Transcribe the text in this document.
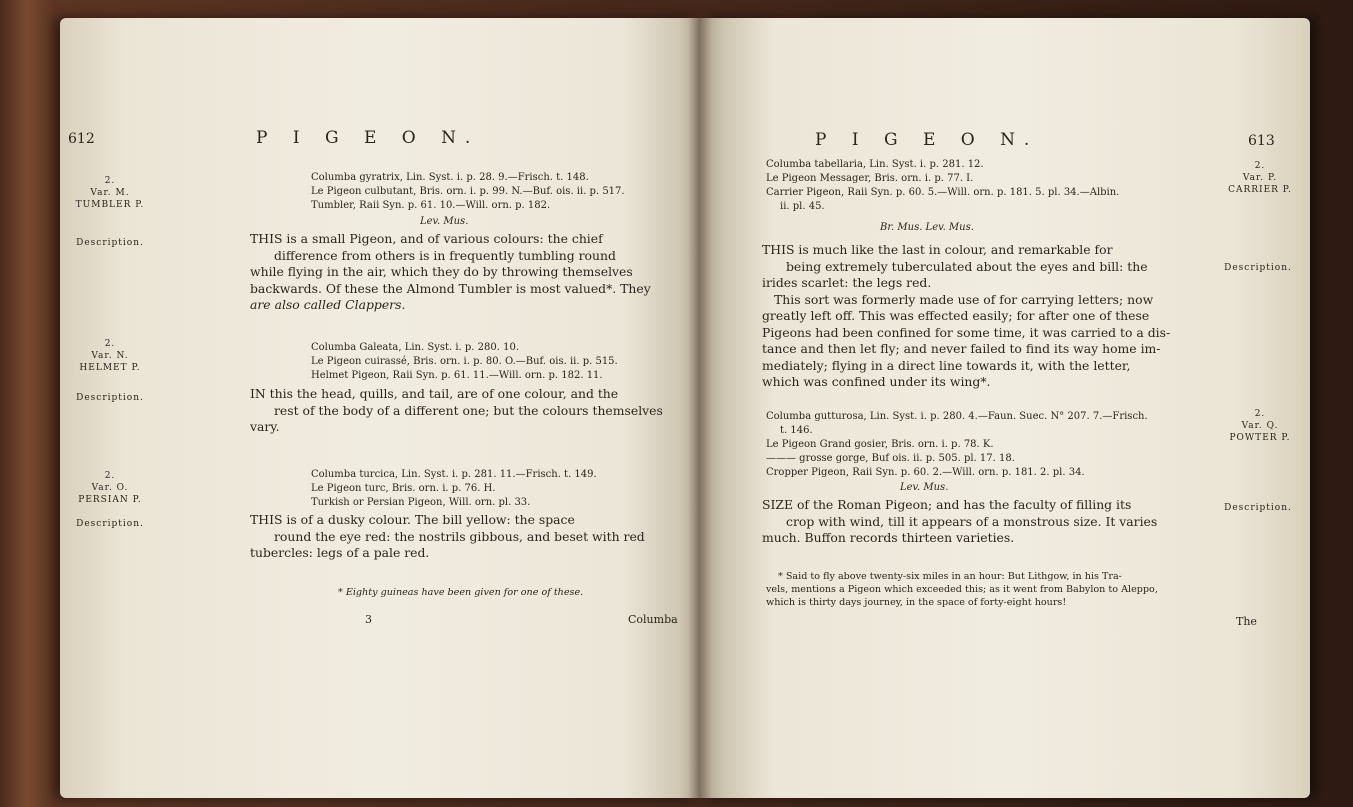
612	P I G E O N.
2.
Var. M.
TUMBLER P.
Columba gyratrix, Lin. Syst. i. p. 28. 9.—Frisch. t. 148.
Le Pigeon culbutant, Bris. orn. i. p. 99. N.—Buf. ois. ii. p. 517.
Tumbler, Raii Syn. p. 61. 10.—Will. orn. p. 182.
Lev. Mus.
Description.	THIS is a small Pigeon, and of various colours: the chief
difference from others is in frequently tumbling round
while flying in the air, which they do by throwing themselves
backwards. Of these the Almond Tumbler is most valued*. They
are also called Clappers.
2.
Var. N.
HELMET P.
Columba Galeata, Lin. Syst. i. p. 280. 10.
Le Pigeon cuirassé, Bris. orn. i. p. 80. O.—Buf. ois. ii. p. 515.
Helmet Pigeon, Raii Syn. p. 61. 11.—Will. orn. p. 182. 11.
Description.	IN this the head, quills, and tail, are of one colour, and the
rest of the body of a different one; but the colours themselves
vary.
2.
Var. O.
PERSIAN P.
Columba turcica, Lin. Syst. i. p. 281. 11.—Frisch. t. 149.
Le Pigeon turc, Bris. orn. i. p. 76. H.
Turkish or Persian Pigeon, Will. orn. pl. 33.
Description.	THIS is of a dusky colour. The bill yellow: the space
round the eye red: the nostrils gibbous, and beset with red
tubercles: legs of a pale red.
* Eighty guineas have been given for one of these.
3	Columba
P I G E O N.	613
Columba tabellaria, Lin. Syst. i. p. 281. 12.
Le Pigeon Messager, Bris. orn. i. p. 77. I.
Carrier Pigeon, Raii Syn. p. 60. 5.—Will. orn. p. 181. 5. pl. 34.—Albin.
ii. pl. 45.
Br. Mus. Lev. Mus.
2.
Var. P.
CARRIER P.
Description.
THIS is much like the last in colour, and remarkable for
being extremely tuberculated about the eyes and bill: the
irides scarlet: the legs red.
This sort was formerly made use of for carrying letters; now
greatly left off. This was effected easily; for after one of these
Pigeons had been confined for some time, it was carried to a dis-
tance and then let fly; and never failed to find its way home im-
mediately; flying in a direct line towards it, with the letter,
which was confined under its wing*.
Columba gutturosa, Lin. Syst. i. p. 280. 4.—Faun. Suec. N° 207. 7.—Frisch.
t. 146.
Le Pigeon Grand gosier, Bris. orn. i. p. 78. K.
——— grosse gorge, Buf ois. ii. p. 505. pl. 17. 18.
Cropper Pigeon, Raii Syn. p. 60. 2.—Will. orn. p. 181. 2. pl. 34.
Lev. Mus.
2.
Var. Q.
POWTER P.
Description.
SIZE of the Roman Pigeon; and has the faculty of filling its
crop with wind, till it appears of a monstrous size. It varies
much. Buffon records thirteen varieties.
* Said to fly above twenty-six miles in an hour: But Lithgow, in his Tra-
vels, mentions a Pigeon which exceeded this; as it went from Babylon to Aleppo,
which is thirty days journey, in the space of forty-eight hours!
The
